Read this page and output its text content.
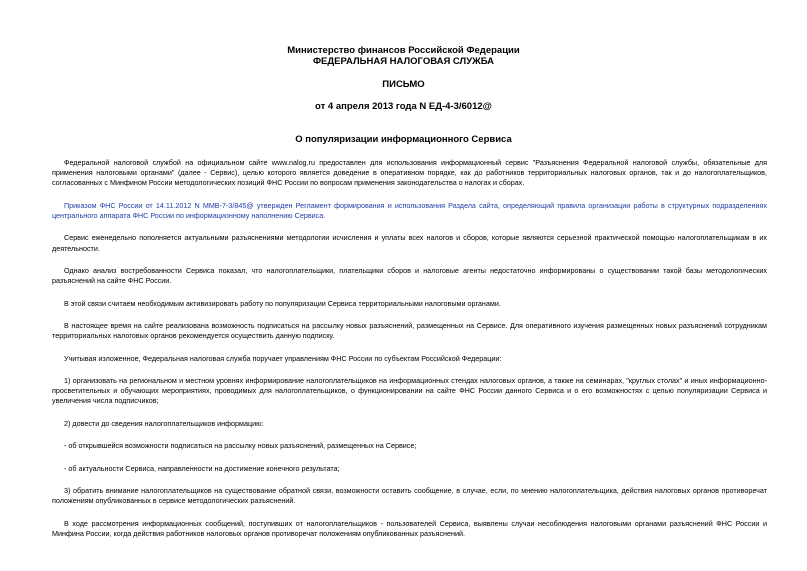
Министерство финансов Российской Федерации
ФЕДЕРАЛЬНАЯ НАЛОГОВАЯ СЛУЖБА
ПИСЬМО
от 4 апреля 2013 года N ЕД-4-3/6012@
О популяризации информационного Сервиса

Федеральной налоговой службой на официальном сайте www.nalog.ru предоставлен для использования информационный сервис "Разъяснения Федеральной налоговой службы, обязательные для применения налоговыми органами" (далее - Сервис), целью которого является доведение в оперативном порядке, как до работников территориальных налоговых органов, так и до налогоплательщиков, согласованных с Минфином России методологических позиций ФНС России по вопросам применения законодательства о налогах и сборах.

Приказом ФНС России от 14.11.2012 N ММВ-7-3/845@ утвержден Регламент формирования и использования Раздела сайта, определяющий правила организации работы в структурных подразделениях центрального аппарата ФНС России по информационному наполнению Сервиса.

Сервис еженедельно пополняется актуальными разъяснениями методологии исчисления и уплаты всех налогов и сборов, которые являются серьезной практической помощью налогоплательщикам в их деятельности.

Однако анализ востребованности Сервиса показал, что налогоплательщики, плательщики сборов и налоговые агенты недостаточно информированы о существовании такой базы методологических разъяснений на сайте ФНС России.

В этой связи считаем необходимым активизировать работу по популяризации Сервиса территориальными налоговыми органами.

В настоящее время на сайте реализована возможность подписаться на рассылку новых разъяснений, размещенных на Сервисе. Для оперативного изучения размещенных новых разъяснений сотрудникам территориальных налоговых органов рекомендуется осуществить данную подписку.

Учитывая изложенное, Федеральная налоговая служба поручает управлениям ФНС России по субъектам Российской Федерации:

1) организовать на региональном и местном уровнях информирование налогоплательщиков на информационных стендах налоговых органов, а также на семинарах, "круглых столах" и иных информационно-просветительных и обучающих мероприятиях, проводимых для налогоплательщиков, о функционировании на сайте ФНС России данного Сервиса и о его возможностях с целью популяризации Сервиса и увеличения числа подписчиков;

2) довести до сведения налогоплательщиков информацию:

- об открывшейся возможности подписаться на рассылку новых разъяснений, размещенных на Сервисе;

- об актуальности Сервиса, направленности на достижение конечного результата;

3) обратить внимание налогоплательщиков на существование обратной связи, возможности оставить сообщение, в случае, если, по мнению налогоплательщика, действия налоговых органов противоречат положениям опубликованных в сервисе методологических разъяснений.

В ходе рассмотрения информационных сообщений, поступивших от налогоплательщиков - пользователей Сервиса, выявлены случаи несоблюдения налоговыми органами разъяснений ФНС России и Минфина России, когда действия работников налоговых органов противоречат положениям опубликованных разъяснений.
